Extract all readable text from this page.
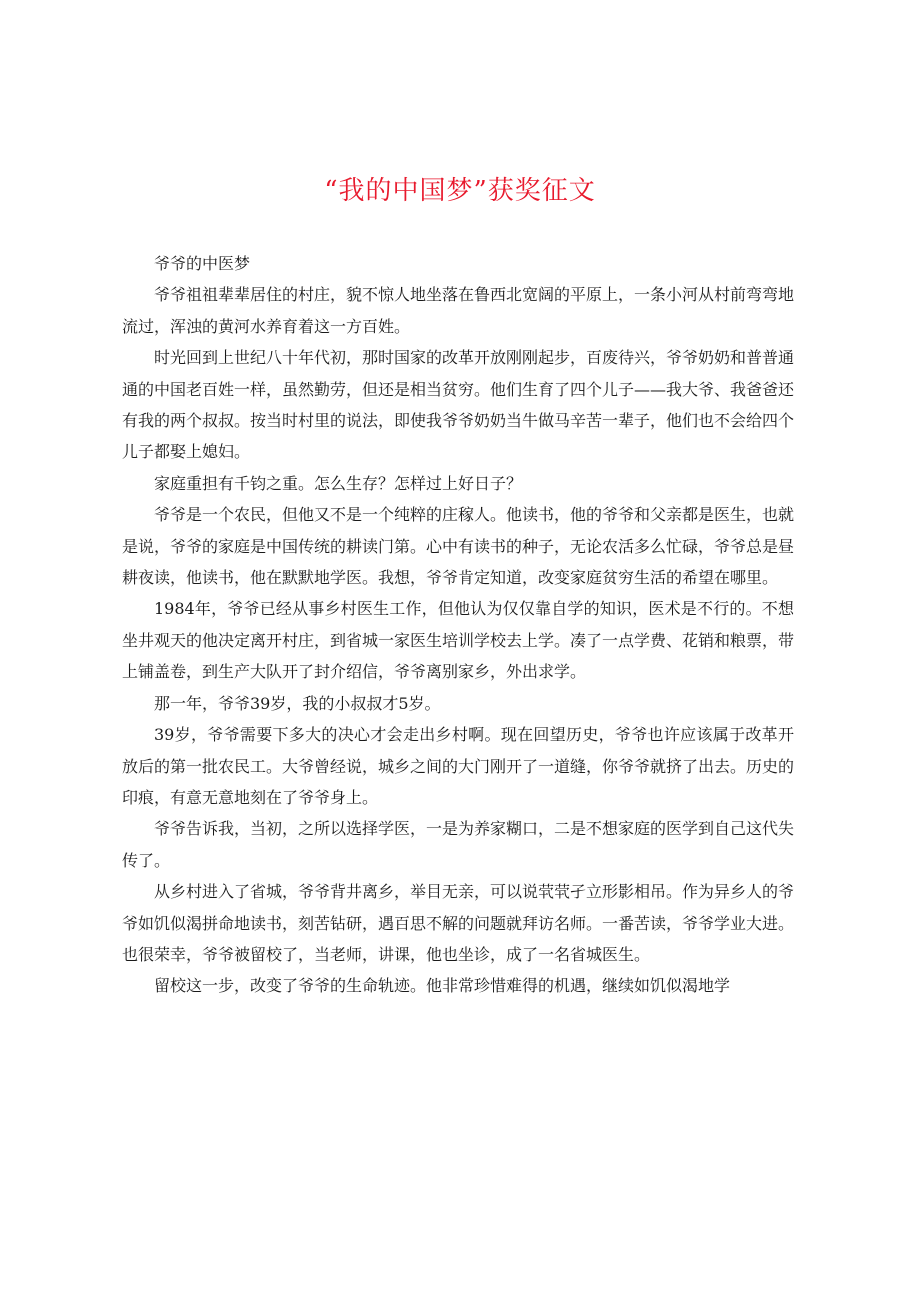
“我的中国梦”获奖征文

爷爷的中医梦

爷爷祖祖辈辈居住的村庄，貌不惊人地坐落在鲁西北宽阔的平原上，一条小河从村前弯弯地流过，浑浊的黄河水养育着这一方百姓。

时光回到上世纪八十年代初，那时国家的改革开放刚刚起步，百废待兴，爷爷奶奶和普普通通的中国老百姓一样，虽然勤劳，但还是相当贫穷。他们生育了四个儿子——我大爷、我爸爸还有我的两个叔叔。按当时村里的说法，即使我爷爷奶奶当牛做马辛苦一辈子，他们也不会给四个儿子都娶上媳妇。

家庭重担有千钧之重。怎么生存？怎样过上好日子？

爷爷是一个农民，但他又不是一个纯粹的庄稼人。他读书，他的爷爷和父亲都是医生，也就是说，爷爷的家庭是中国传统的耕读门第。心中有读书的种子，无论农活多么忙碌，爷爷总是昼耕夜读，他读书，他在默默地学医。我想，爷爷肯定知道，改变家庭贫穷生活的希望在哪里。

1984年，爷爷已经从事乡村医生工作，但他认为仅仅靠自学的知识，医术是不行的。不想坐井观天的他决定离开村庄，到省城一家医生培训学校去上学。凑了一点学费、花销和粮票，带上铺盖卷，到生产大队开了封介绍信，爷爷离别家乡，外出求学。

那一年，爷爷39岁，我的小叔叔才5岁。

39岁，爷爷需要下多大的决心才会走出乡村啊。现在回望历史，爷爷也许应该属于改革开放后的第一批农民工。大爷曾经说，城乡之间的大门刚开了一道缝，你爷爷就挤了出去。历史的印痕，有意无意地刻在了爷爷身上。

爷爷告诉我，当初，之所以选择学医，一是为养家糊口，二是不想家庭的医学到自己这代失传了。

从乡村进入了省城，爷爷背井离乡，举目无亲，可以说茕茕孑立形影相吊。作为异乡人的爷爷如饥似渴拼命地读书，刻苦钻研，遇百思不解的问题就拜访名师。一番苦读，爷爷学业大进。也很荣幸，爷爷被留校了，当老师，讲课，他也坐诊，成了一名省城医生。

留校这一步，改变了爷爷的生命轨迹。他非常珍惜难得的机遇，继续如饥似渴地学
